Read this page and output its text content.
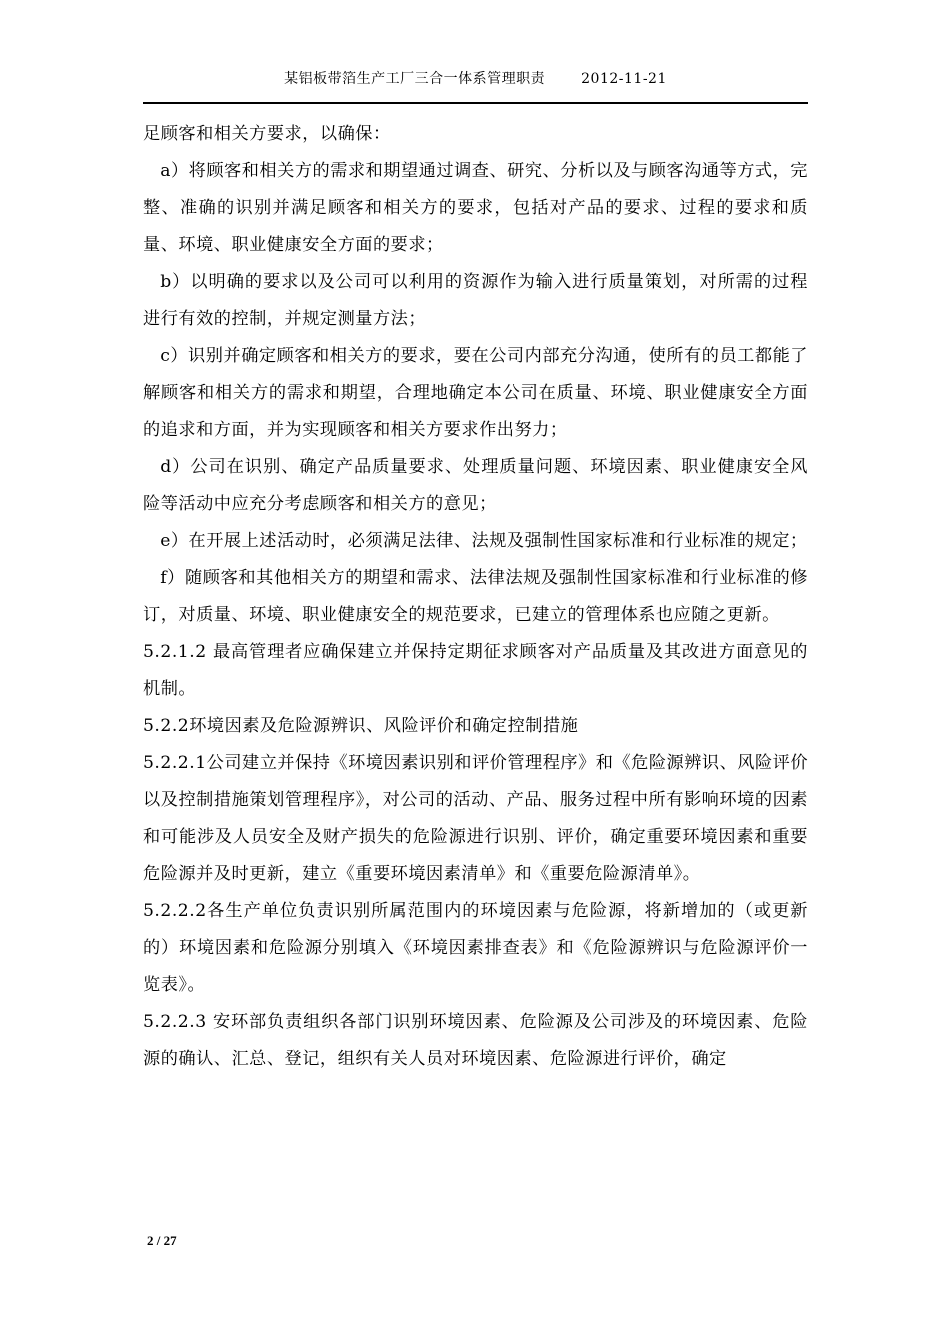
某铝板带箔生产工厂三合一体系管理职责	2012-11-21

足顾客和相关方要求，以确保：

a）将顾客和相关方的需求和期望通过调查、研究、分析以及与顾客沟通等方式，完整、准确的识别并满足顾客和相关方的要求，包括对产品的要求、过程的要求和质量、环境、职业健康安全方面的要求；

b）以明确的要求以及公司可以利用的资源作为输入进行质量策划，对所需的过程进行有效的控制，并规定测量方法；

c）识别并确定顾客和相关方的要求，要在公司内部充分沟通，使所有的员工都能了解顾客和相关方的需求和期望，合理地确定本公司在质量、环境、职业健康安全方面的追求和方面，并为实现顾客和相关方要求作出努力；

d）公司在识别、确定产品质量要求、处理质量问题、环境因素、职业健康安全风险等活动中应充分考虑顾客和相关方的意见；

e）在开展上述活动时，必须满足法律、法规及强制性国家标准和行业标准的规定；

f）随顾客和其他相关方的期望和需求、法律法规及强制性国家标准和行业标准的修订，对质量、环境、职业健康安全的规范要求，已建立的管理体系也应随之更新。

5.2.1.2 最高管理者应确保建立并保持定期征求顾客对产品质量及其改进方面意见的机制。

5.2.2环境因素及危险源辨识、风险评价和确定控制措施

5.2.2.1公司建立并保持《环境因素识别和评价管理程序》和《危险源辨识、风险评价以及控制措施策划管理程序》，对公司的活动、产品、服务过程中所有影响环境的因素和可能涉及人员安全及财产损失的危险源进行识别、评价，确定重要环境因素和重要危险源并及时更新，建立《重要环境因素清单》和《重要危险源清单》。

5.2.2.2各生产单位负责识别所属范围内的环境因素与危险源，将新增加的（或更新的）环境因素和危险源分别填入《环境因素排查表》和《危险源辨识与危险源评价一览表》。

5.2.2.3 安环部负责组织各部门识别环境因素、危险源及公司涉及的环境因素、危险源的确认、汇总、登记，组织有关人员对环境因素、危险源进行评价，确定

2 / 27
